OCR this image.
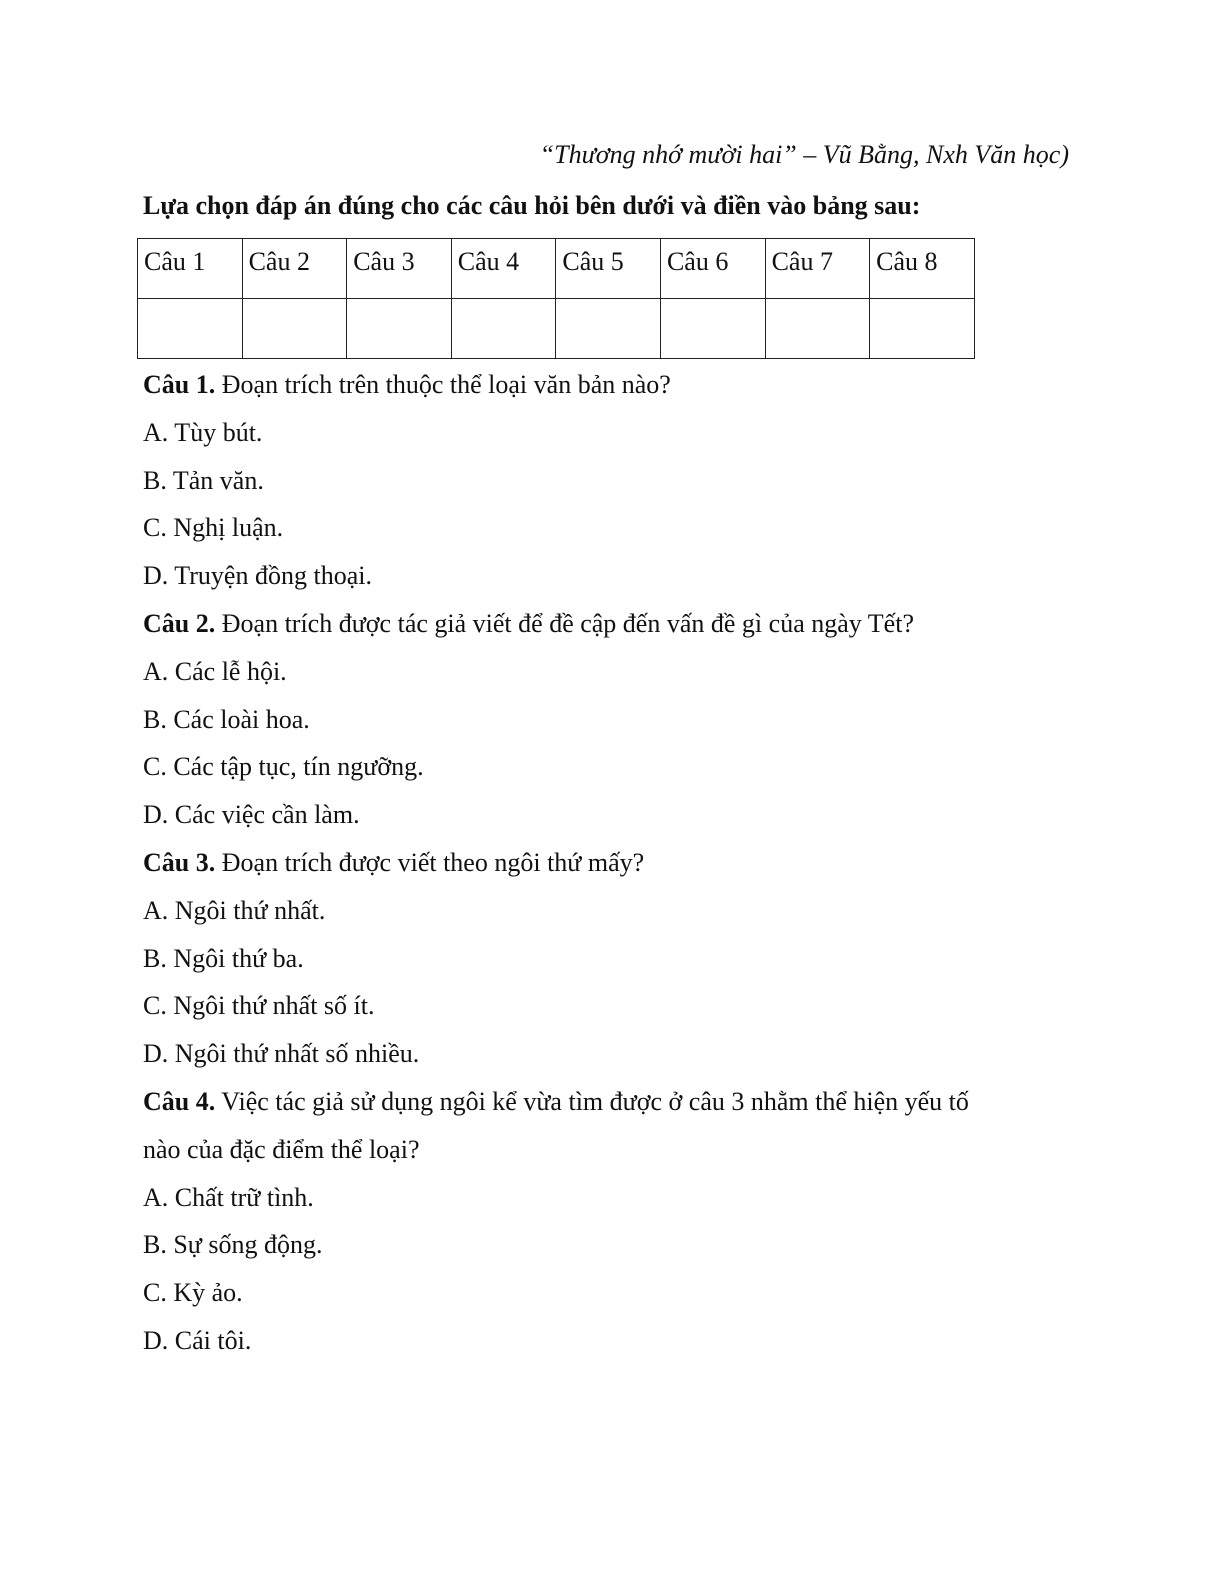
“Thương nhớ mười hai” – Vũ Bằng, Nxh Văn học)
Lựa chọn đáp án đúng cho các câu hỏi bên dưới và điền vào bảng sau:
Câu 1	Câu 2	Câu 3	Câu 4	Câu 5	Câu 6	Câu 7	Câu 8

Câu 1. Đoạn trích trên thuộc thể loại văn bản nào?

A. Tùy bút.

B. Tản văn.

C. Nghị luận.

D. Truyện đồng thoại.

Câu 2. Đoạn trích được tác giả viết để đề cập đến vấn đề gì của ngày Tết?

A. Các lễ hội.

B. Các loài hoa.

C. Các tập tục, tín ngưỡng.

D. Các việc cần làm.

Câu 3. Đoạn trích được viết theo ngôi thứ mấy?

A. Ngôi thứ nhất.

B. Ngôi thứ ba.

C. Ngôi thứ nhất số ít.

D. Ngôi thứ nhất số nhiều.

Câu 4. Việc tác giả sử dụng ngôi kể vừa tìm được ở câu 3 nhằm thể hiện yếu tố

nào của đặc điểm thể loại?

A. Chất trữ tình.

B. Sự sống động.

C. Kỳ ảo.

D. Cái tôi.
